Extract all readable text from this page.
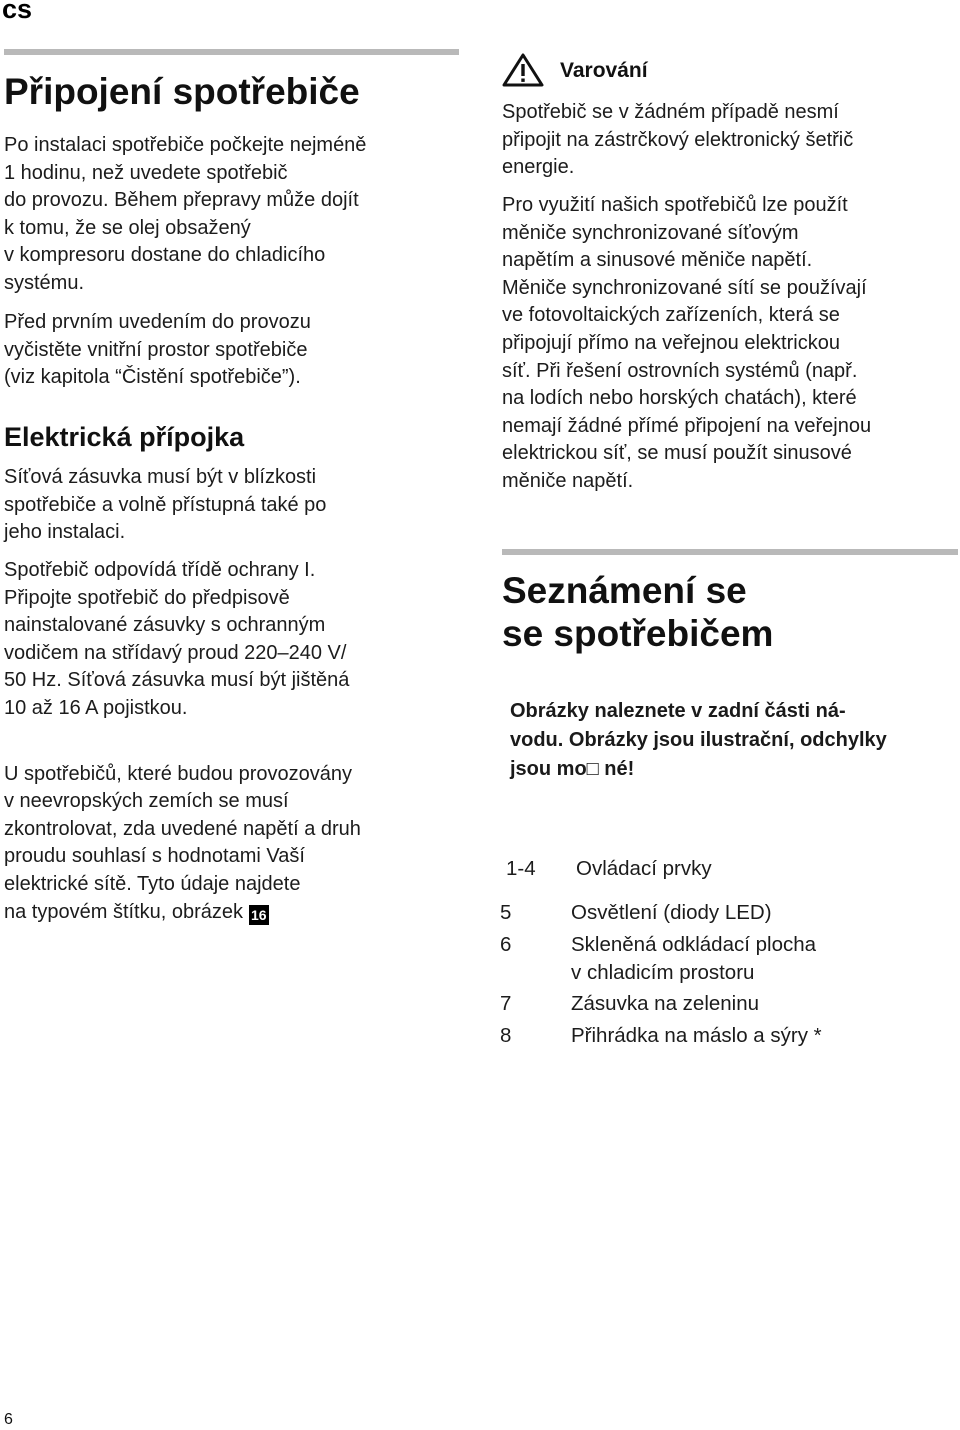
cs
Připojení spotřebiče
Po instalaci spotřebiče počkejte nejméně
1 hodinu, než uvedete spotřebič
do provozu. Během přepravy může dojít
k tomu, že se olej obsažený
v kompresoru dostane do chladicího
systému.
Před prvním uvedením do provozu
vyčistěte vnitřní prostor spotřebiče
(viz kapitola “Čistění spotřebiče”).
Elektrická přípojka
Síťová zásuvka musí být v blízkosti
spotřebiče a volně přístupná také po
jeho instalaci.
Spotřebič odpovídá třídě ochrany I.
Připojte spotřebič do předpisově
nainstalované zásuvky s ochranným
vodičem na střídavý proud 220–240 V/
50 Hz. Síťová zásuvka musí být jištěná
10 až 16 A pojistkou.

U spotřebičů, které budou provozovány
v neevropských zemích se musí
zkontrolovat, zda uvedené napětí a druh
proudu souhlasí s hodnotami Vaší
elektrické sítě. Tyto údaje najdete
na typovém štítku, obrázek 16

Varování
Spotřebič se v žádném případě nesmí
připojit na zástrčkový elektronický šetřič
energie.
Pro využití našich spotřebičů lze použít
měniče synchronizované síťovým
napětím a sinusové měniče napětí.
Měniče synchronizované sítí se používají
ve fotovoltaických zařízeních, která se
připojují přímo na veřejnou elektrickou
síť. Při řešení ostrovních systémů (např.
na lodích nebo horských chatách), které
nemají žádné přímé připojení na veřejnou
elektrickou síť, se musí použít sinusové
měniče napětí.
Seznámení se
se spotřebičem
Obrázky naleznete v zadní části ná-
vodu. Obrázky jsou ilustrační, odchylky
jsou mo□ né!
1-4 Ovládací prvky
5	Osvětlení (diody LED)
6	Skleněná odkládací plocha
v chladicím prostoru
7	Zásuvka na zeleninu
8	Přihrádka na máslo a sýry *
6
